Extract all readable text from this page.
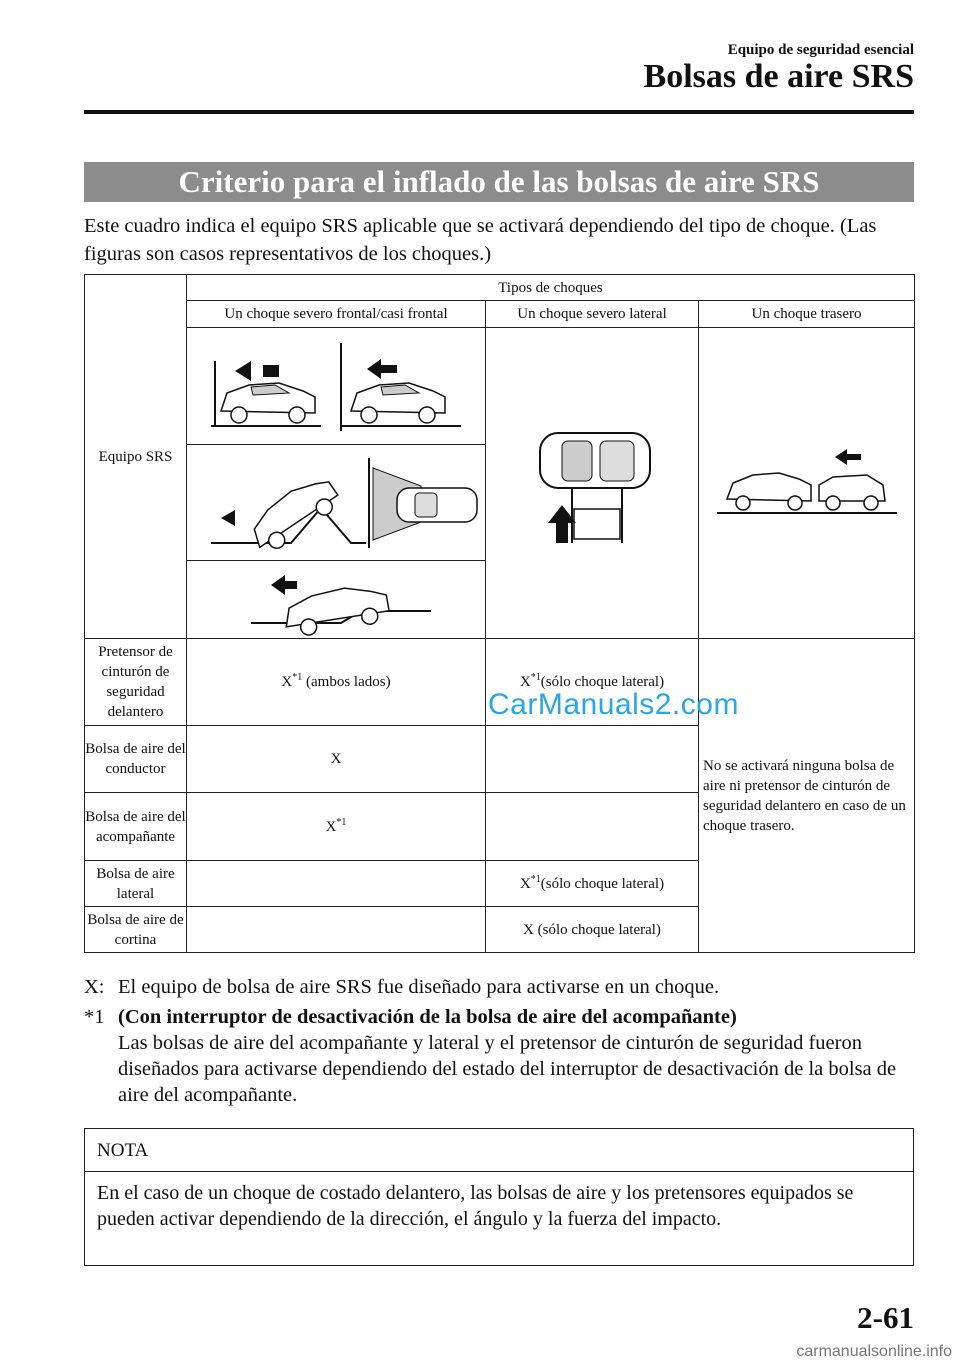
Equipo de seguridad esencial
Bolsas de aire SRS
Criterio para el inflado de las bolsas de aire SRS
Este cuadro indica el equipo SRS aplicable que se activará dependiendo del tipo de choque. (Las figuras son casos representativos de los choques.)
Equipo SRS	Tipos de choques		
	Un choque severo frontal/casi frontal	Un choque severo lateral	Un choque trasero

Pretensor de cinturón de seguridad delantero	$X^{*1}$ (ambos lados)	$X^{*1}(sólo$ choque lateral)	No se activará ninguna bolsa de aire ni pretensor de cinturón de seguridad delantero en caso de un choque trasero.
Bolsa de aire del conductor	X		
Bolsa de aire del acompañante	$X^{*1}$	
Bolsa de aire lateral		$X^{*1}(sólo$ choque lateral)	
Bolsa de aire de cortina		X (sólo choque lateral)	
CarManuals2.com
X: El equipo de bolsa de aire SRS fue diseñado para activarse en un choque.
*1 (Con interruptor de desactivación de la bolsa de aire del acompañante)
Las bolsas de aire del acompañante y lateral y el pretensor de cinturón de seguridad fueron diseñados para activarse dependiendo del estado del interruptor de desactivación de la bolsa de aire del acompañante.
NOTA
En el caso de un choque de costado delantero, las bolsas de aire y los pretensores equipados se pueden activar dependiendo de la dirección, el ángulo y la fuerza del impacto.
2-61
carmanualsonline.info
